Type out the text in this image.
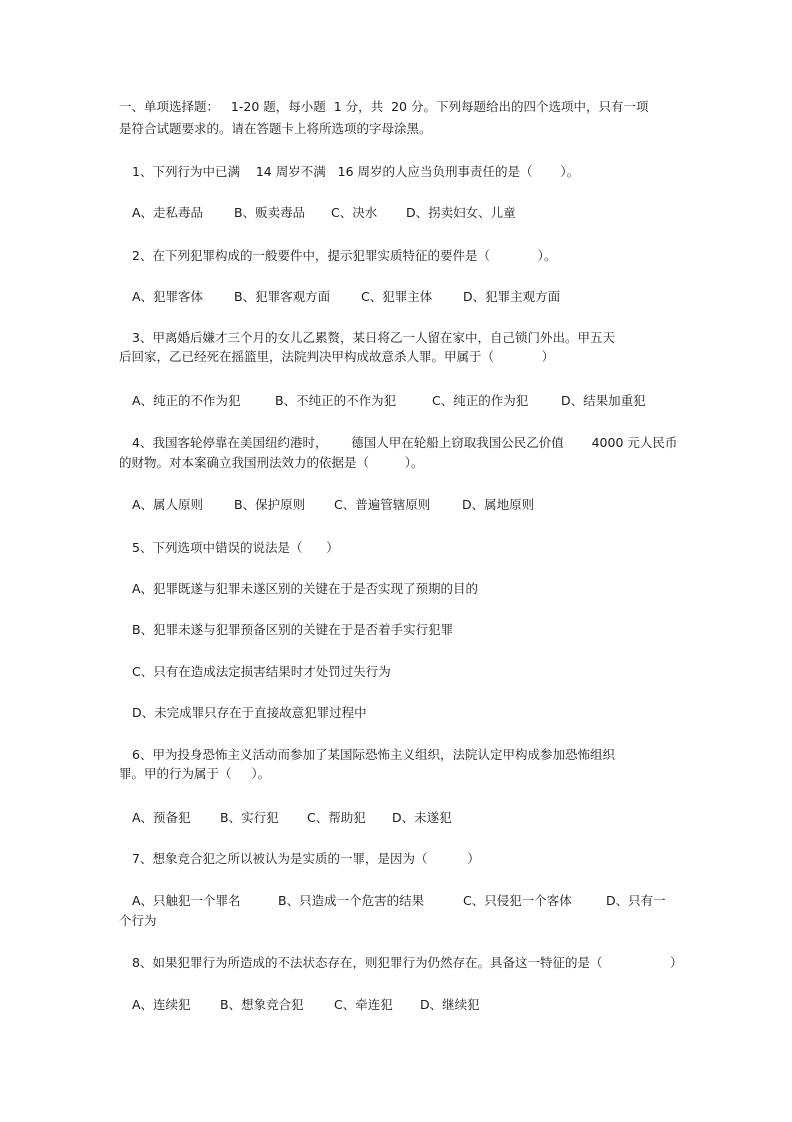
一、单项选择题：   1-20 题，每小题  1 分，共  20 分。下列每题给出的四个选项中，只有一项
是符合试题要求的。请在答题卡上将所选项的字母涂黑。
1、下列行为中已满    14 周岁不满   16 周岁的人应当负刑事责任的是（       ）。
A、走私毒品 B、贩卖毒品 C、决水 D、拐卖妇女、儿童
2、在下列犯罪构成的一般要件中，提示犯罪实质特征的要件是（            ）。
A、犯罪客体 B、犯罪客观方面 C、犯罪主体 D、犯罪主观方面
3、甲离婚后嫌才三个月的女儿乙累赘，某日将乙一人留在家中，自己锁门外出。甲五天
后回家，乙已经死在摇篮里，法院判决甲构成故意杀人罪。甲属于（            ）
A、纯正的不作为犯	B、不纯正的不作为犯	C、纯正的作为犯	D、结果加重犯
4、我国客轮停靠在美国纽约港时，      德国人甲在轮船上窃取我国公民乙价值       4000 元人民币
的财物。对本案确立我国刑法效力的依据是（         ）。
A、属人原则 B、保护原则 C、普遍管辖原则	D、属地原则
5、下列选项中错误的说法是（      ）
A、犯罪既遂与犯罪未遂区别的关键在于是否实现了预期的目的
B、犯罪未遂与犯罪预备区别的关键在于是否着手实行犯罪
C、只有在造成法定损害结果时才处罚过失行为
D、未完成罪只存在于直接故意犯罪过程中
6、甲为投身恐怖主义活动而参加了某国际恐怖主义组织，法院认定甲构成参加恐怖组织
罪。甲的行为属于（     ）。
A、预备犯 B、实行犯 C、帮助犯 D、未遂犯
7、想象竞合犯之所以被认为是实质的一罪，是因为（          ）
A、只触犯一个罪名	B、只造成一个危害的结果	C、只侵犯一个客体	D、只有一
个行为
8、如果犯罪行为所造成的不法状态存在，则犯罪行为仍然存在。具备这一特征的是（                 ）
A、连续犯 B、想象竞合犯 C、牵连犯 D、继续犯
